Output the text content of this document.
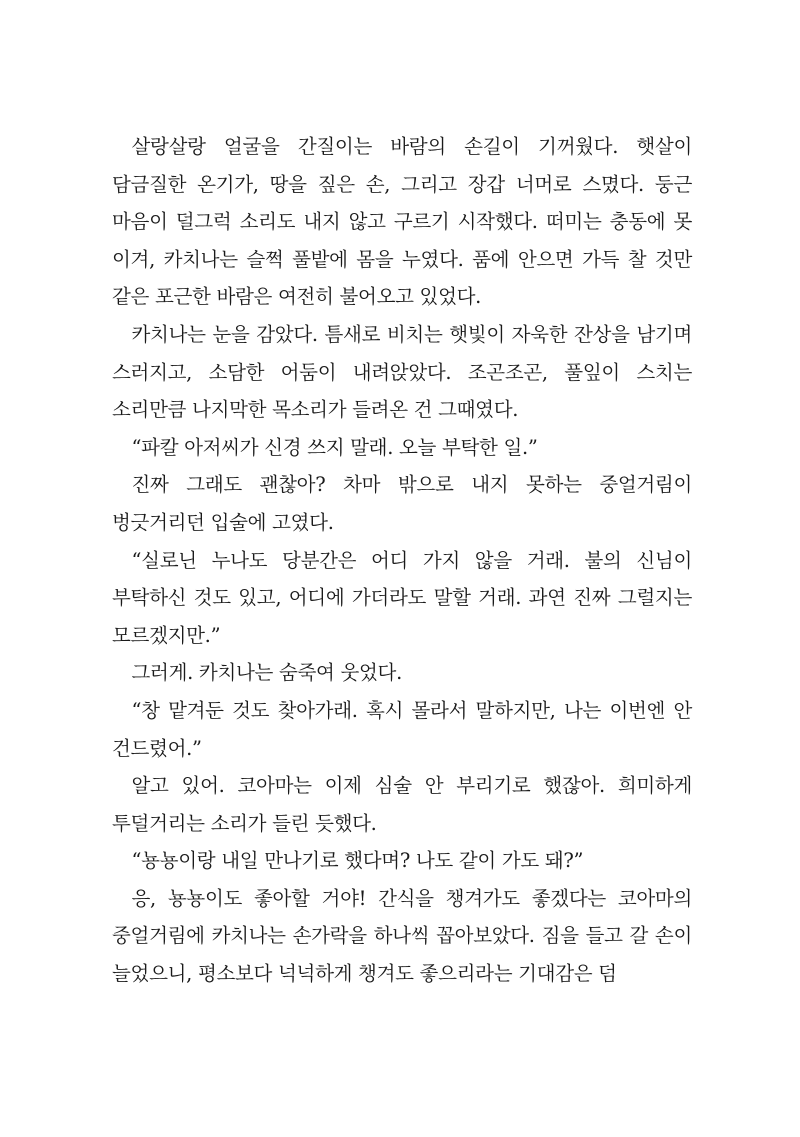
살랑살랑 얼굴을 간질이는 바람의 손길이 기꺼웠다. 햇살이 담금질한 온기가, 땅을 짚은 손, 그리고 장갑 너머로 스몄다. 둥근 마음이 덜그럭 소리도 내지 않고 구르기 시작했다. 떠미는 충동에 못 이겨, 카치나는 슬쩍 풀밭에 몸을 누였다. 품에 안으면 가득 찰 것만 같은 포근한 바람은 여전히 불어오고 있었다.

카치나는 눈을 감았다. 틈새로 비치는 햇빛이 자욱한 잔상을 남기며 스러지고, 소담한 어둠이 내려앉았다. 조곤조곤, 풀잎이 스치는 소리만큼 나지막한 목소리가 들려온 건 그때였다.

“파칼 아저씨가 신경 쓰지 말래. 오늘 부탁한 일.”

진짜 그래도 괜찮아? 차마 밖으로 내지 못하는 중얼거림이 벙긋거리던 입술에 고였다.

“실로닌 누나도 당분간은 어디 가지 않을 거래. 불의 신님이 부탁하신 것도 있고, 어디에 가더라도 말할 거래. 과연 진짜 그럴지는 모르겠지만.”

그러게. 카치나는 숨죽여 웃었다.

“창 맡겨둔 것도 찾아가래. 혹시 몰라서 말하지만, 나는 이번엔 안 건드렸어.”

알고 있어. 코아마는 이제 심술 안 부리기로 했잖아. 희미하게 투덜거리는 소리가 들린 듯했다.

“뇽뇽이랑 내일 만나기로 했다며? 나도 같이 가도 돼?”

응, 뇽뇽이도 좋아할 거야! 간식을 챙겨가도 좋겠다는 코아마의 중얼거림에 카치나는 손가락을 하나씩 꼽아보았다. 짐을 들고 갈 손이 늘었으니, 평소보다 넉넉하게 챙겨도 좋으리라는 기대감은 덤
